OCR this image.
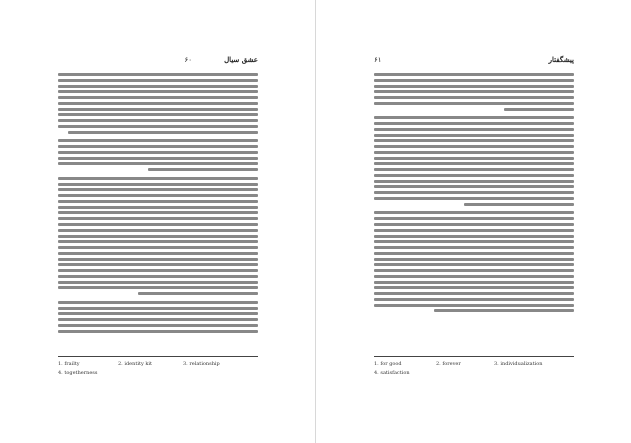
عشق سیال
۶۰
1. frailty	2. identity kit	3. relationship
4. togetherness
پیشگفتار
۶۱
1. for good	2. forever	3. individualization
4. satisfaction
